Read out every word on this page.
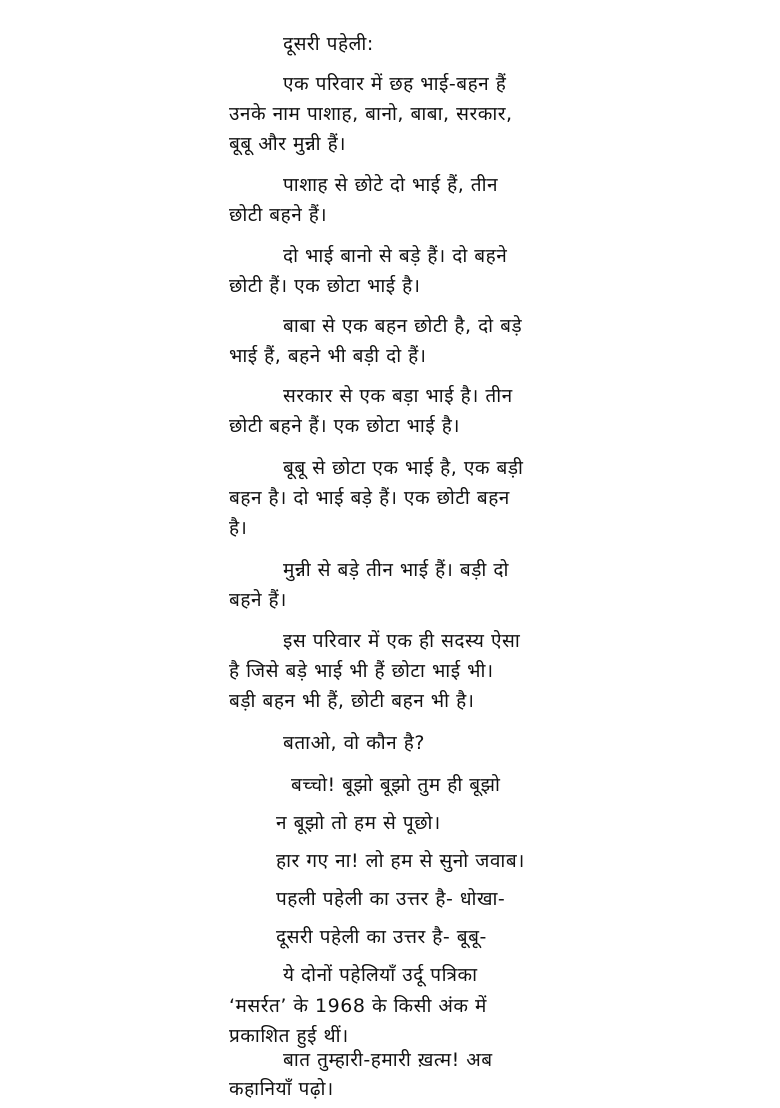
दूसरी पहेली:
एक परिवार में छह भाई-बहन हैं
उनके नाम पाशाह, बानो, बाबा, सरकार,
बूबू और मुन्नी हैं।
पाशाह से छोटे दो भाई हैं, तीन
छोटी बहने हैं।
दो भाई बानो से बड़े हैं। दो बहने
छोटी हैं। एक छोटा भाई है।
बाबा से एक बहन छोटी है, दो बड़े
भाई हैं, बहने भी बड़ी दो हैं।
सरकार से एक बड़ा भाई है। तीन
छोटी बहने हैं। एक छोटा भाई है।
बूबू से छोटा एक भाई है, एक बड़ी
बहन है। दो भाई बड़े हैं। एक छोटी बहन
है।
मुन्नी से बड़े तीन भाई हैं। बड़ी दो
बहने हैं।
इस परिवार में एक ही सदस्य ऐसा
है जिसे बड़े भाई भी हैं छोटा भाई भी।
बड़ी बहन भी हैं, छोटी बहन भी है।
बताओ, वो कौन है?
बच्चो! बूझो बूझो तुम ही बूझो
न बूझो तो हम से पूछो।
हार गए ना! लो हम से सुनो जवाब।
पहली पहेली का उत्तर है- धोखा-
दूसरी पहेली का उत्तर है- बूबू-
ये दोनों पहेलियाँ उर्दू पत्रिका
‘मसर्रत’ के 1968 के किसी अंक में
प्रकाशित हुई थीं।
बात तुम्हारी-हमारी ख़त्म! अब
कहानियाँ पढ़ो।
